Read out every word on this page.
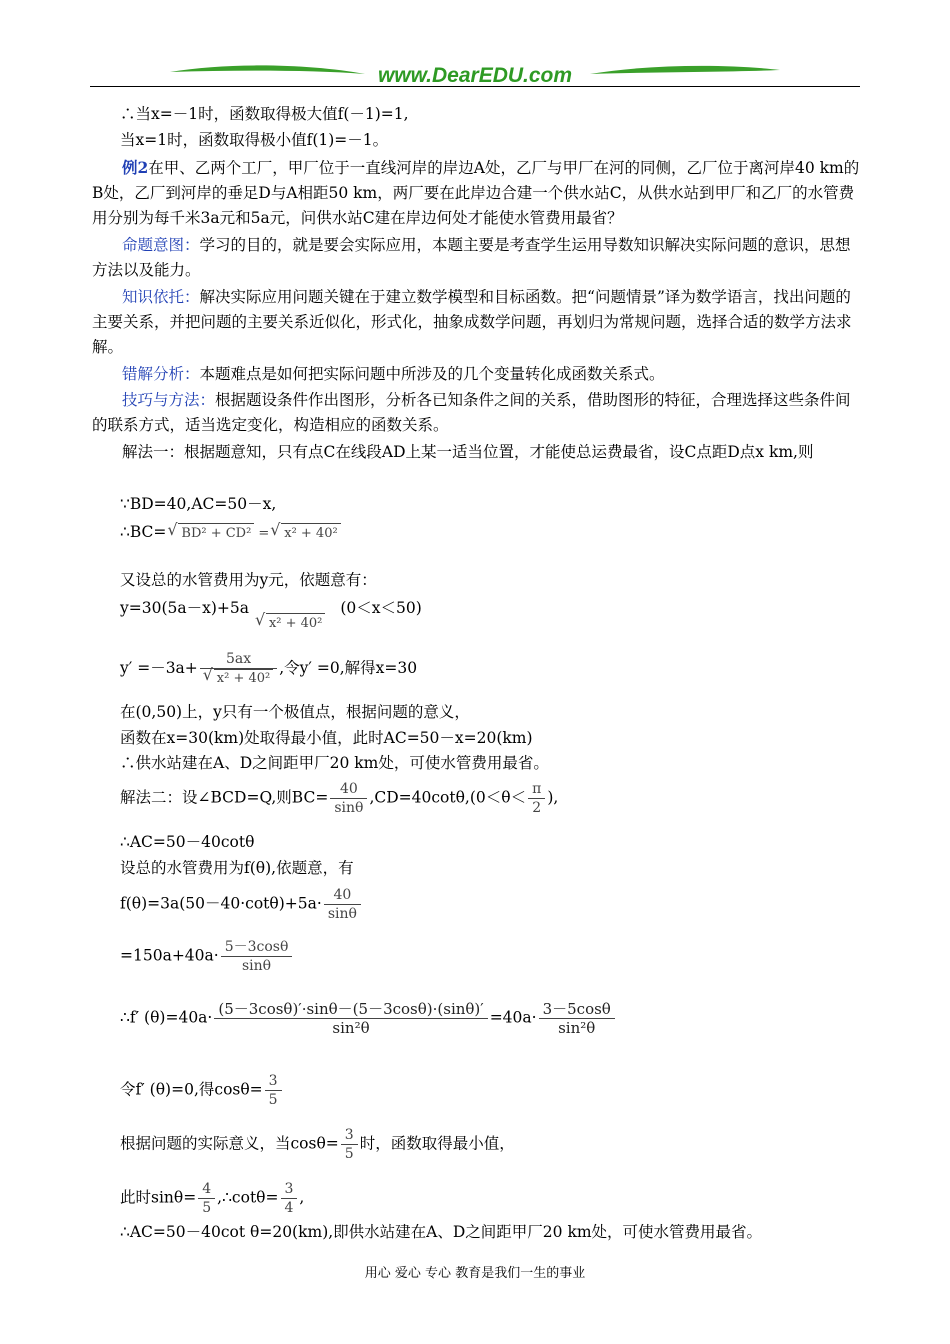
www.DearEDU.com
∴当x=－1时，函数取得极大值f(－1)=1,
当x=1时，函数取得极小值f(1)=－1。
例2在甲、乙两个工厂，甲厂位于一直线河岸的岸边A处，乙厂与甲厂在河的同侧，乙厂位于离河岸40 km的B处，乙厂到河岸的垂足D与A相距50 km，两厂要在此岸边合建一个供水站C，从供水站到甲厂和乙厂的水管费用分别为每千米3a元和5a元，问供水站C建在岸边何处才能使水管费用最省？
命题意图：学习的目的，就是要会实际应用，本题主要是考查学生运用导数知识解决实际问题的意识，思想方法以及能力。
知识依托：解决实际应用问题关键在于建立数学模型和目标函数。把“问题情景”译为数学语言，找出问题的主要关系，并把问题的主要关系近似化，形式化，抽象成数学问题，再划归为常规问题，选择合适的数学方法求解。
错解分析：本题难点是如何把实际问题中所涉及的几个变量转化成函数关系式。
技巧与方法：根据题设条件作出图形，分析各已知条件之间的关系，借助图形的特征，合理选择这些条件间的联系方式，适当选定变化，构造相应的函数关系。
解法一：根据题意知，只有点C在线段AD上某一适当位置，才能使总运费最省，设C点距D点x km,则
∵BD=40,AC=50－x,
∴BC= √ BD² + CD² = √ x² + 40²
又设总的水管费用为y元，依题意有：
y=30(5a－x)+5a √ x² + 40² (0＜x＜50)
y′ =－3a+ 5ax
√ x² + 40² ,令y′ =0,解得x=30
在(0,50)上，y只有一个极值点，根据问题的意义，
函数在x=30(km)处取得最小值，此时AC=50－x=20(km)
∴供水站建在A、D之间距甲厂20 km处，可使水管费用最省。
解法二：设∠BCD=Q,则$BC= \frac{40}{\sin\theta} ,CD=40\cot\theta,(0<\theta< \frac{\pi}{2}$ ),
∴AC=50－40cotθ
设总的水管费用为f(θ),依题意，有
$f(\theta)=3a(50-40\cdot\cot\theta)+5a\cdot \frac{40}{\sin\theta}$
$=150a+40a\cdot \frac{5-3\cos\theta}{\sin\theta}$
∴f′ $(\theta)=40a\cdot \frac{(5-3\cos\theta)'\cdot\sin\theta-(5-3\cos\theta)\cdot(\sin\theta)'}{\text{sin²θ}} =40a\cdot \frac{3-5\cos\theta}{\text{sin²θ}}$
令f′ (θ)=0,得$\cos\theta= \frac{3}{5}$
根据问题的实际意义，当$\cos\theta= \frac{3}{5}$ 时，函数取得最小值，
此时$\sin\theta= \frac{4}{5}$ ,∴cotθ= $\frac{3}{4}$ ,
∴AC=50－40cot θ=20(km),即供水站建在A、D之间距甲厂20 km处，可使水管费用最省。
用心 爱心 专心 教育是我们一生的事业
